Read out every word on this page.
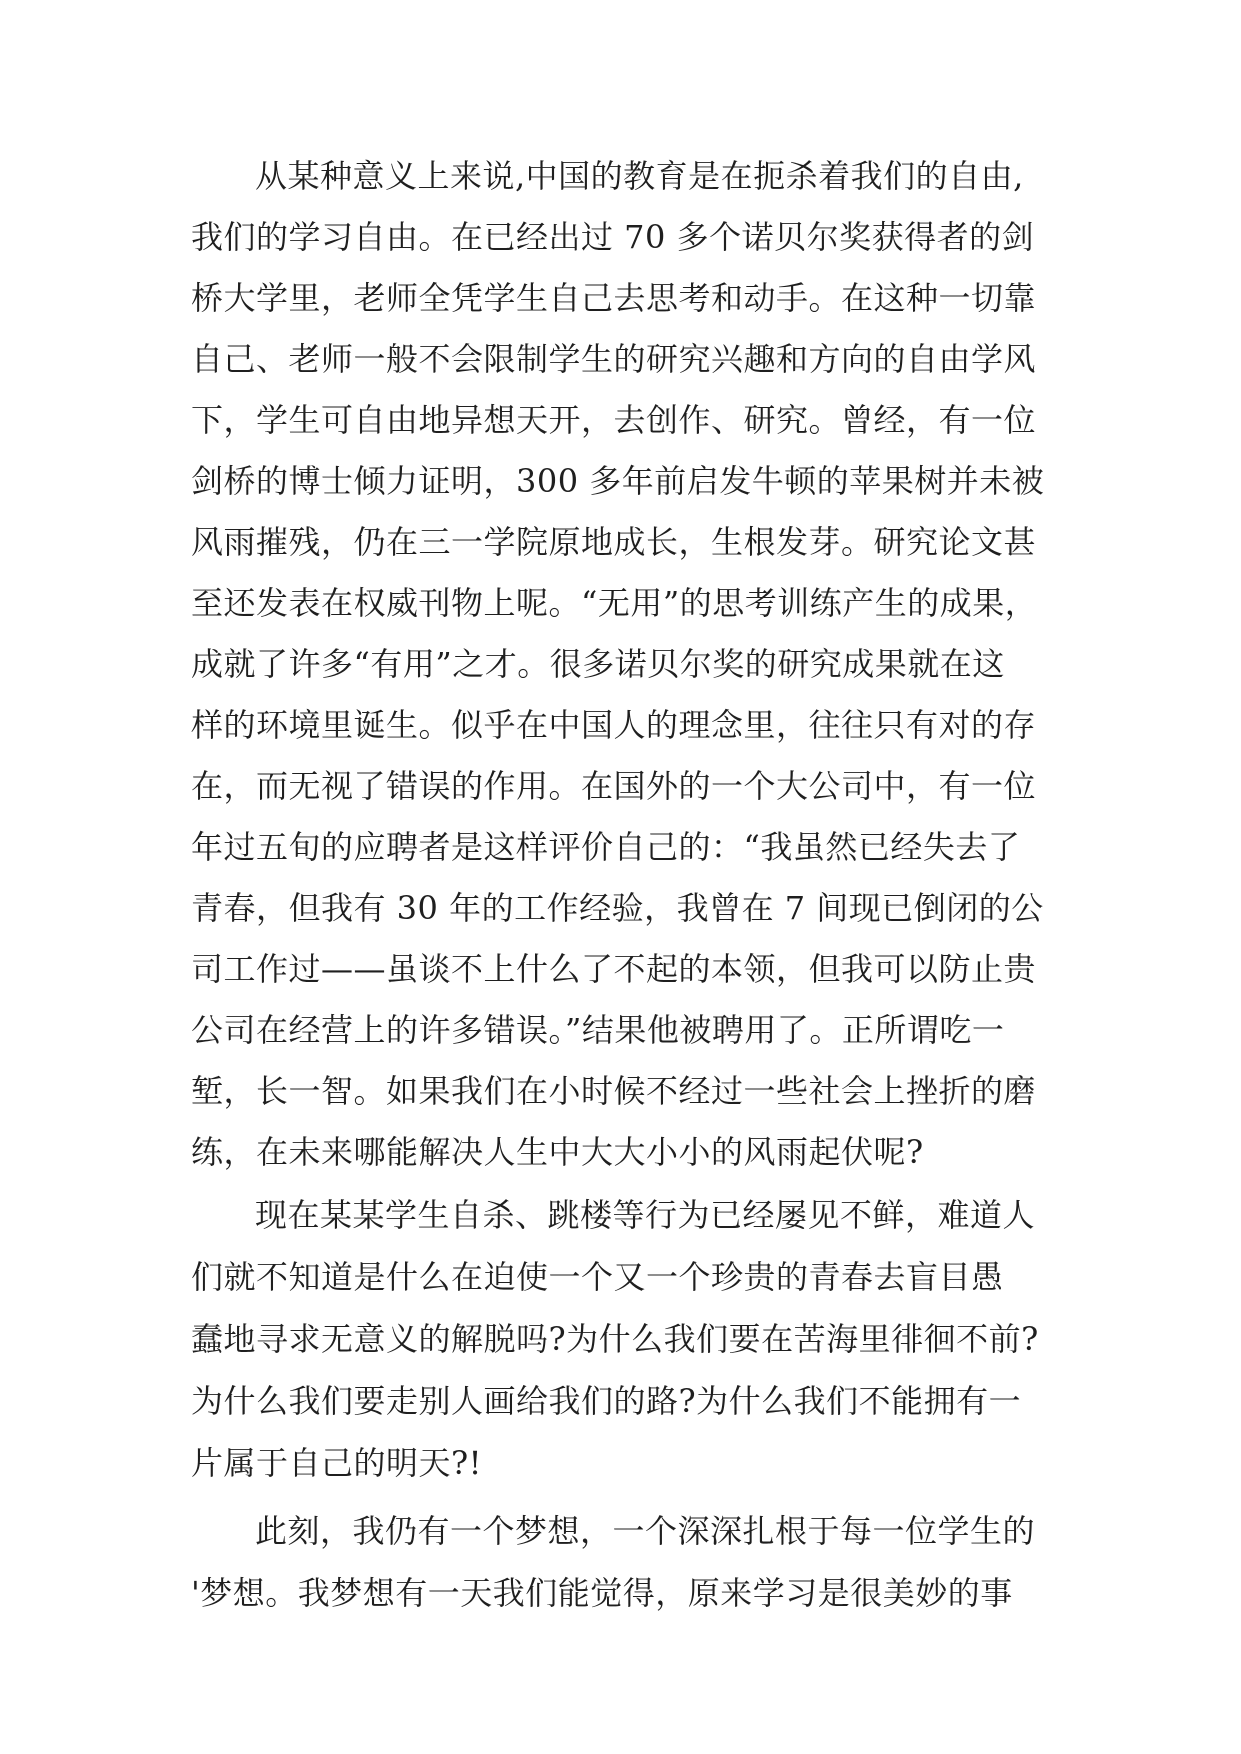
从某种意义上来说,中国的教育是在扼杀着我们的自由,
我们的学习自由。在已经出过 70 多个诺贝尔奖获得者的剑
桥大学里，老师全凭学生自己去思考和动手。在这种一切靠
自己、老师一般不会限制学生的研究兴趣和方向的自由学风
下，学生可自由地异想天开，去创作、研究。曾经，有一位
剑桥的博士倾力证明，300 多年前启发牛顿的苹果树并未被
风雨摧残，仍在三一学院原地成长，生根发芽。研究论文甚
至还发表在权威刊物上呢。“无用”的思考训练产生的成果，
成就了许多“有用”之才。很多诺贝尔奖的研究成果就在这
样的环境里诞生。似乎在中国人的理念里，往往只有对的存
在，而无视了错误的作用。在国外的一个大公司中，有一位
年过五旬的应聘者是这样评价自己的：“我虽然已经失去了
青春，但我有 30 年的工作经验，我曾在 7 间现已倒闭的公
司工作过——虽谈不上什么了不起的本领，但我可以防止贵
公司在经营上的许多错误。”结果他被聘用了。正所谓吃一
堑，长一智。如果我们在小时候不经过一些社会上挫折的磨
练，在未来哪能解决人生中大大小小的风雨起伏呢?
现在某某学生自杀、跳楼等行为已经屡见不鲜，难道人
们就不知道是什么在迫使一个又一个珍贵的青春去盲目愚
蠢地寻求无意义的解脱吗?为什么我们要在苦海里徘徊不前?
为什么我们要走别人画给我们的路?为什么我们不能拥有一
片属于自己的明天?!
此刻，我仍有一个梦想，一个深深扎根于每一位学生的
'梦想。我梦想有一天我们能觉得，原来学习是很美妙的事
